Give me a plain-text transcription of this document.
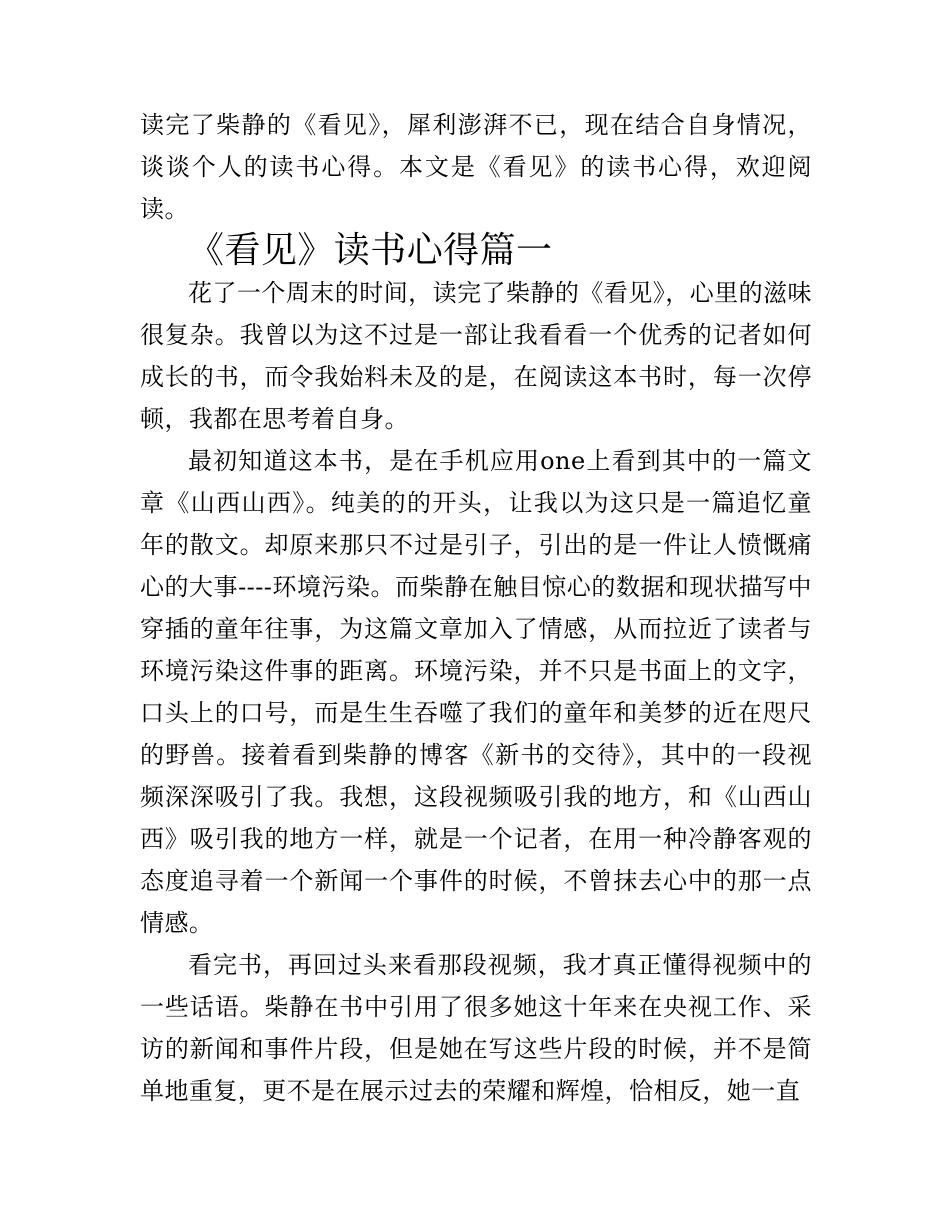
读完了柴静的《看见》，犀利澎湃不已，现在结合自身情况，谈谈个人的读书心得。本文是《看见》的读书心得，欢迎阅读。

《看见》读书心得篇一

花了一个周末的时间，读完了柴静的《看见》，心里的滋味很复杂。我曾以为这不过是一部让我看看一个优秀的记者如何成长的书，而令我始料未及的是，在阅读这本书时，每一次停顿，我都在思考着自身。

最初知道这本书，是在手机应用one上看到其中的一篇文章《山西山西》。纯美的的开头，让我以为这只是一篇追忆童年的散文。却原来那只不过是引子，引出的是一件让人愤慨痛心的大事----环境污染。而柴静在触目惊心的数据和现状描写中穿插的童年往事，为这篇文章加入了情感，从而拉近了读者与环境污染这件事的距离。环境污染，并不只是书面上的文字，口头上的口号，而是生生吞噬了我们的童年和美梦的近在咫尺的野兽。接着看到柴静的博客《新书的交待》，其中的一段视频深深吸引了我。我想，这段视频吸引我的地方，和《山西山西》吸引我的地方一样，就是一个记者，在用一种冷静客观的态度追寻着一个新闻一个事件的时候，不曾抹去心中的那一点情感。

看完书，再回过头来看那段视频，我才真正懂得视频中的一些话语。柴静在书中引用了很多她这十年来在央视工作、采访的新闻和事件片段，但是她在写这些片段的时候，并不是简单地重复，更不是在展示过去的荣耀和辉煌，恰相反，她一直
